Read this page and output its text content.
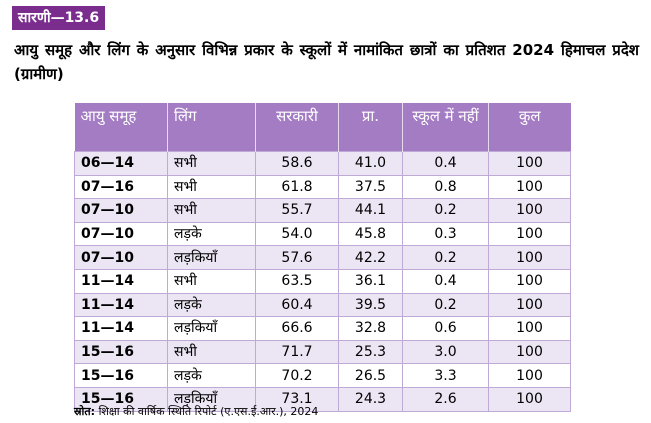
सारणी—13.6
आयु समूह और लिंग के अनुसार विभिन्न प्रकार के स्कूलों में नामांकित छात्रों का प्रतिशत 2024 हिमाचल प्रदेश (ग्रामीण)
आयु समूह	लिंग	सरकारी	प्रा.	स्कूल में नहीं	कुल
06—14	सभी	58.6	41.0	0.4	100
07—16	सभी	61.8	37.5	0.8	100
07—10	सभी	55.7	44.1	0.2	100
07—10	लड़के	54.0	45.8	0.3	100
07—10	लड़कियाँ	57.6	42.2	0.2	100
11—14	सभी	63.5	36.1	0.4	100
11—14	लड़के	60.4	39.5	0.2	100
11—14	लड़कियाँ	66.6	32.8	0.6	100
15—16	सभी	71.7	25.3	3.0	100
15—16	लड़के	70.2	26.5	3.3	100
15—16	लड़कियाँ	73.1	24.3	2.6	100
स्रोत: शिक्षा की वार्षिक स्थिति रिपोर्ट (ए.एस.ई.आर.), 2024
